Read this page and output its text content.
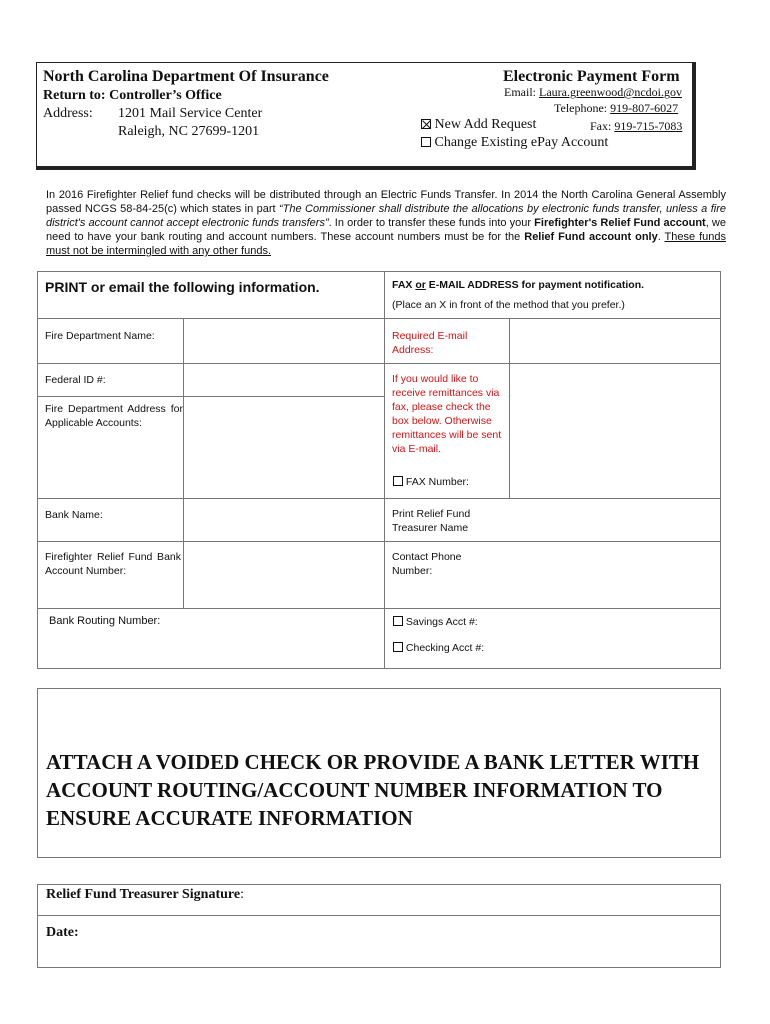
North Carolina Department Of Insurance
Return to: Controller’s Office
Address: 1201 Mail Service Center
Raleigh, NC 27699-1201
Electronic Payment Form
Email: Laura.greenwood@ncdoi.gov
Telephone: 919-807-6027
Fax: 919-715-7083
New Add Request
Change Existing ePay Account
In 2016 Firefighter Relief fund checks will be distributed through an Electric Funds Transfer. In 2014 the North Carolina General Assembly passed NCGS 58-84-25(c) which states in part “The Commissioner shall distribute the allocations by electronic funds transfer, unless a fire district's account cannot accept electronic funds transfers”. In order to transfer these funds into your Firefighter's Relief Fund account, we need to have your bank routing and account numbers. These account numbers must be for the Relief Fund account only. These funds must not be intermingled with any other funds.
PRINT or email the following information.
Fire Department Name:
Federal ID #:
Fire Department Address for Applicable Accounts:
Bank Name:
Firefighter Relief Fund Bank Account Number:
Bank Routing Number:
FAX or E-MAIL ADDRESS for payment notification.
(Place an X in front of the method that you prefer.)
Required E-mail Address:
If you would like to receive remittances via fax, please check the box below. Otherwise remittances will be sent via E-mail.
FAX Number:
Print Relief Fund Treasurer Name
Contact Phone Number:
Savings Acct #:
Checking Acct #:
ATTACH A VOIDED CHECK OR PROVIDE A BANK LETTER WITH ACCOUNT ROUTING/ACCOUNT NUMBER INFORMATION TO ENSURE ACCURATE INFORMATION
Relief Fund Treasurer Signature:
Date:
